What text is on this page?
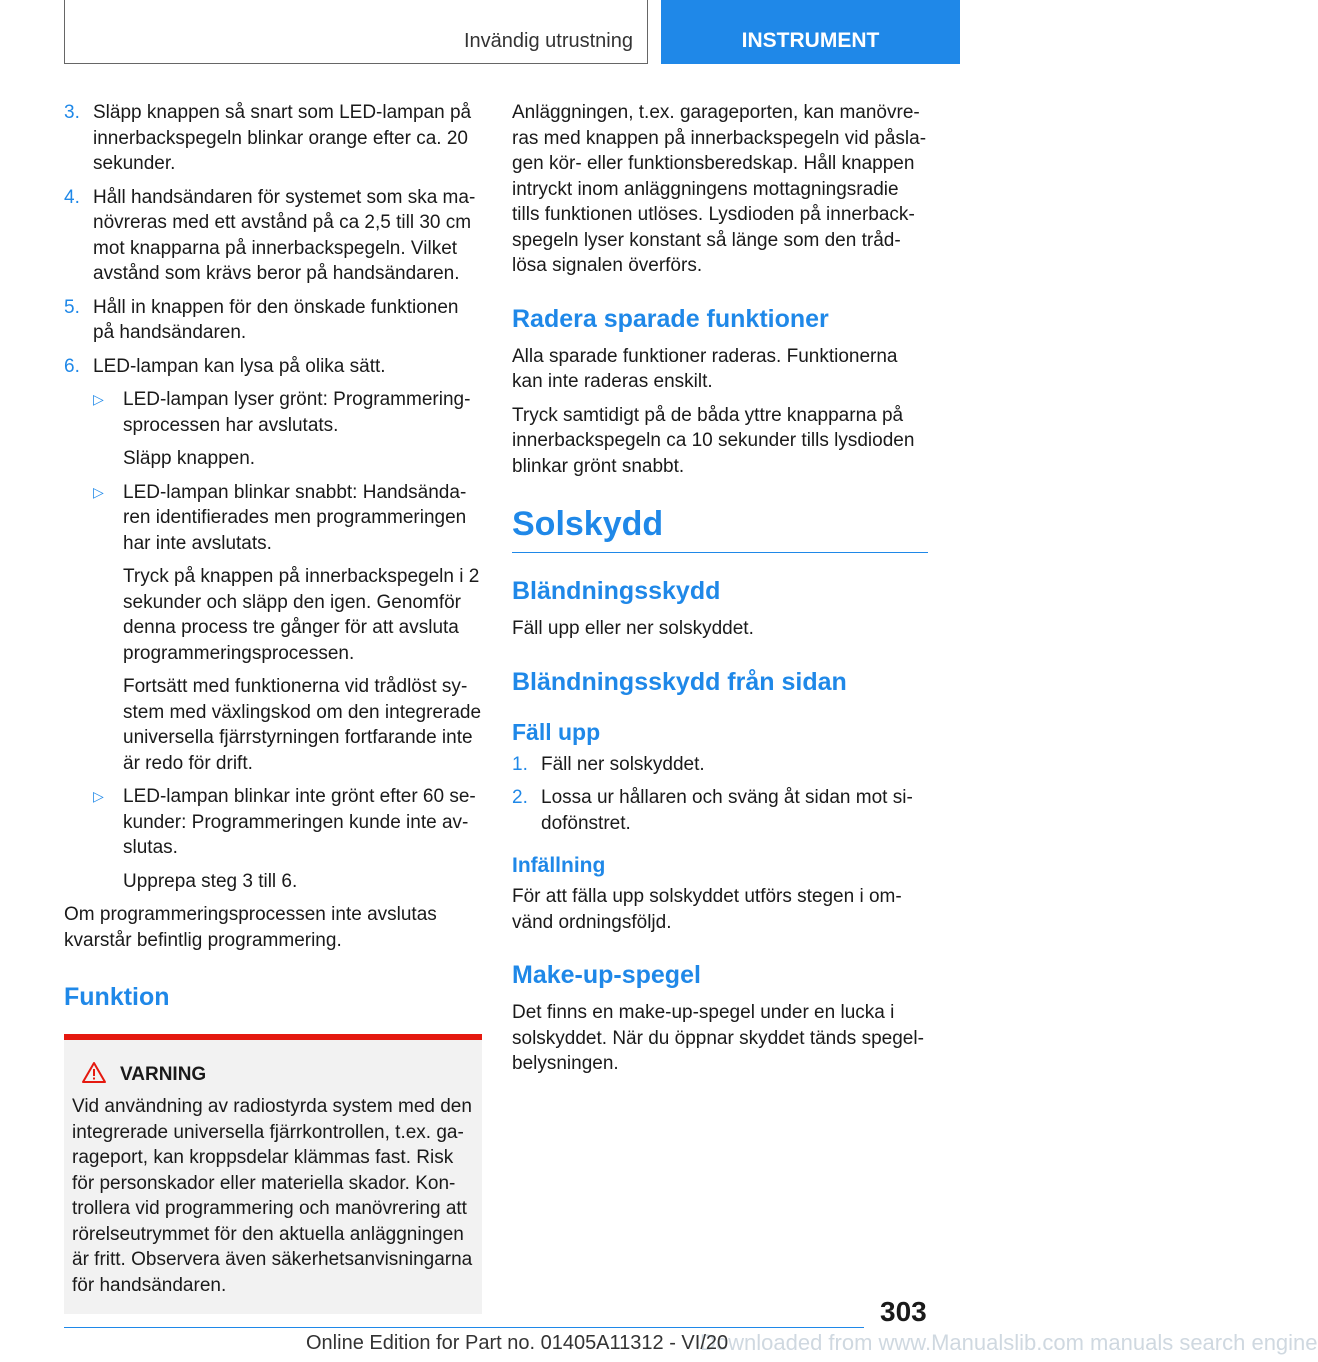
Invändig utrustning	INSTRUMENT
3. Släpp knappen så snart som LED-lampan på innerbackspegeln blinkar orange efter ca. 20 sekunder.
4. Håll handsändaren för systemet som ska manövreras med ett avstånd på ca 2,5 till 30 cm mot knapparna på innerbackspegeln. Vilket avstånd som krävs beror på handsändaren.
5. Håll in knappen för den önskade funktionen på handsändaren.
6. LED-lampan kan lysa på olika sätt.
▷	LED-lampan lyser grönt: Programmeringsprocessen har avslutats.

Släpp knappen.

▷	LED-lampan blinkar snabbt: Handsändaren identifierades men programmeringen har inte avslutats.

Tryck på knappen på innerbackspegeln i 2 sekunder och släpp den igen. Genomför denna process tre gånger för att avsluta programmeringsprocessen.

Fortsätt med funktionerna vid trådlöst system med växlingskod om den integrerade universella fjärrstyrningen fortfarande inte är redo för drift.

▷	LED-lampan blinkar inte grönt efter 60 sekunder: Programmeringen kunde inte avslutas.

Upprepa steg 3 till 6.

Om programmeringsprocessen inte avslutas kvarstår befintlig programmering.

Funktion
VARNING

Vid användning av radiostyrda system med den integrerade universella fjärrkontrollen, t.ex. garageport, kan kroppsdelar klämmas fast. Risk för personskador eller materiella skador. Kontrollera vid programmering och manövrering att rörelseutrymmet för den aktuella anläggningen är fritt. Observera även säkerhetsanvisningarna för handsändaren.

Anläggningen, t.ex. garageporten, kan manövreras med knappen på innerbackspegeln vid påslagen kör- eller funktionsberedskap. Håll knappen intryckt inom anläggningens mottagningsradie tills funktionen utlöses. Lysdioden på innerbackspegeln lyser konstant så länge som den trådlösa signalen överförs.

Radera sparade funktioner

Alla sparade funktioner raderas. Funktionerna kan inte raderas enskilt.

Tryck samtidigt på de båda yttre knapparna på innerbackspegeln ca 10 sekunder tills lysdioden blinkar grönt snabbt.

Solskydd
Bländningsskydd

Fäll upp eller ner solskyddet.

Bländningsskydd från sidan
Fäll upp
1. Fäll ner solskyddet.
2. Lossa ur hållaren och sväng åt sidan mot sidofönstret.
Infällning

För att fälla upp solskyddet utförs stegen i omvänd ordningsföljd.

Make-up-spegel

Det finns en make-up-spegel under en lucka i solskyddet. När du öppnar skyddet tänds spegelbelysningen.

303
Downloaded from www.Manualslib.com manuals search engine
Online Edition for Part no. 01405A11312 - VI/20
